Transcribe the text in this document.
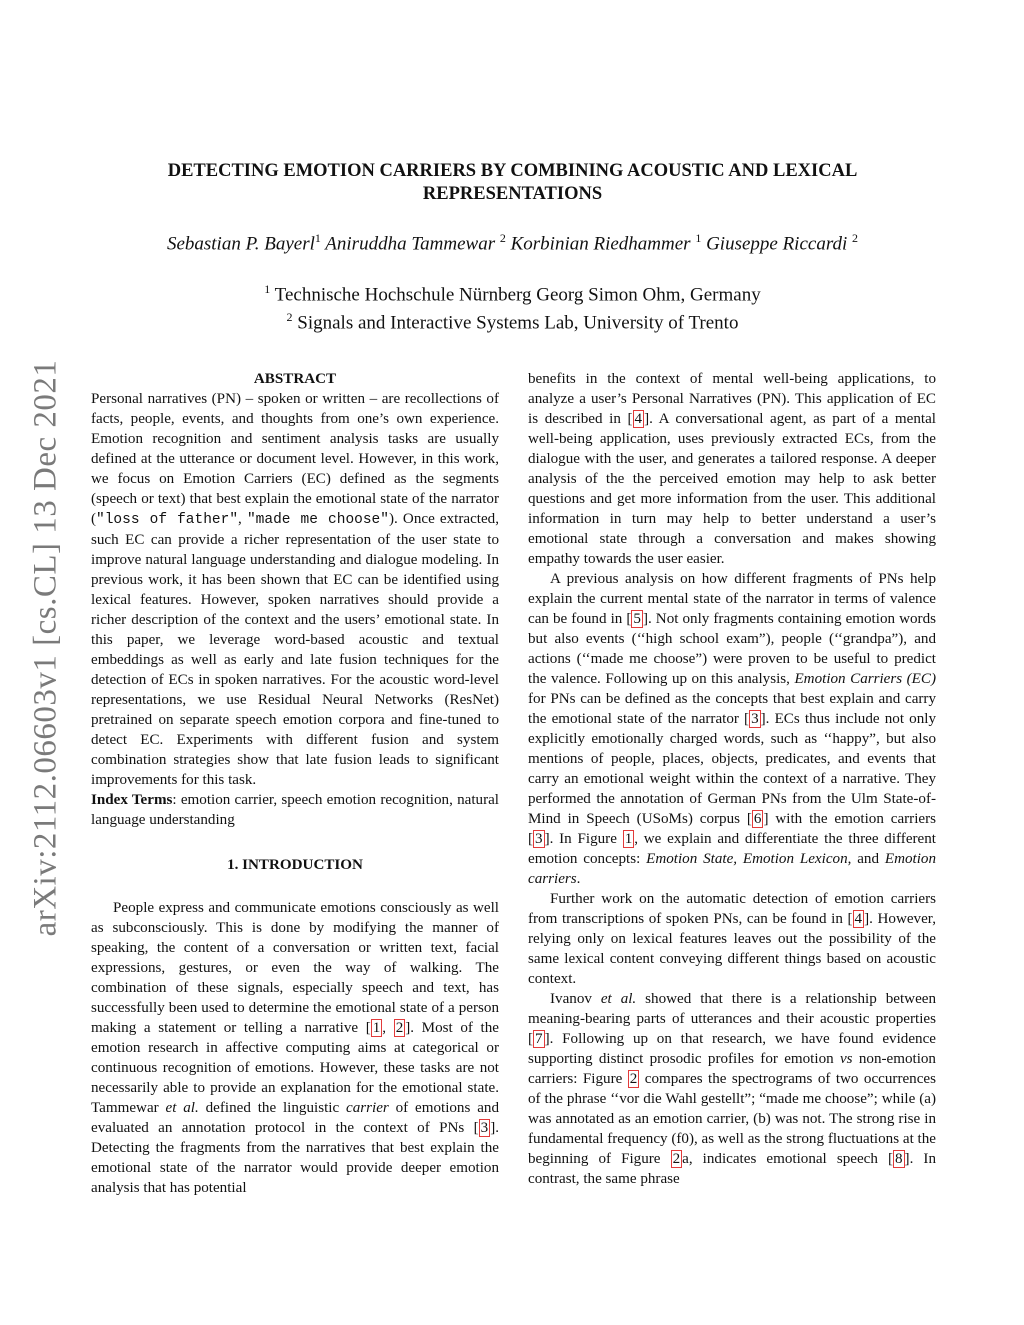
arXiv:2112.06603v1 [cs.CL] 13 Dec 2021
DETECTING EMOTION CARRIERS BY COMBINING ACOUSTIC AND LEXICAL
REPRESENTATIONS
Sebastian P. Bayerl$^1$ Aniruddha Tammewar $^2$ Korbinian Riedhammer $^1$ Giuseppe Riccardi $^2$
$^1$ Technische Hochschule Nürnberg Georg Simon Ohm, Germany
$^2$ Signals and Interactive Systems Lab, University of Trento

ABSTRACT

Personal narratives (PN) – spoken or written – are recollections of facts, people, events, and thoughts from one’s own experience. Emotion recognition and sentiment analysis tasks are usually defined at the utterance or document level. However, in this work, we focus on Emotion Carriers (EC) defined as the segments (speech or text) that best explain the emotional state of the narrator ("loss of father", "made me choose"). Once extracted, such EC can provide a richer representation of the user state to improve natural language understanding and dialogue modeling. In previous work, it has been shown that EC can be identified using lexical features. However, spoken narratives should provide a richer description of the context and the users’ emotional state. In this paper, we leverage word-based acoustic and textual embeddings as well as early and late fusion techniques for the detection of ECs in spoken narratives. For the acoustic word-level representations, we use Residual Neural Networks (ResNet) pretrained on separate speech emotion corpora and fine-tuned to detect EC. Experiments with different fusion and system combination strategies show that late fusion leads to significant improvements for this task.

Index Terms: emotion carrier, speech emotion recognition, natural language understanding

1. INTRODUCTION

People express and communicate emotions consciously as well as subconsciously. This is done by modifying the manner of speaking, the content of a conversation or written text, facial expressions, gestures, or even the way of walking. The combination of these signals, especially speech and text, has successfully been used to determine the emotional state of a person making a statement or telling a narrative [ 1 , 2 ]. Most of the emotion research in affective computing aims at categorical or continuous recognition of emotions. However, these tasks are not necessarily able to provide an explanation for the emotional state. Tammewar et al. defined the linguistic carrier of emotions and evaluated an annotation protocol in the context of PNs [ 3 ]. Detecting the fragments from the narratives that best explain the emotional state of the narrator would provide deeper emotion analysis that has potential

benefits in the context of mental well-being applications, to analyze a user’s Personal Narratives (PN). This application of EC is described in [ 4 ]. A conversational agent, as part of a mental well-being application, uses previously extracted ECs, from the dialogue with the user, and generates a tailored response. A deeper analysis of the the perceived emotion may help to ask better questions and get more information from the user. This additional information in turn may help to better understand a user’s emotional state through a conversation and makes showing empathy towards the user easier.

A previous analysis on how different fragments of PNs help explain the current mental state of the narrator in terms of valence can be found in [ 5 ]. Not only fragments containing emotion words but also events (‘‘high school exam”), people (‘‘grandpa”), and actions (‘‘made me choose”) were proven to be useful to predict the valence. Following up on this analysis, Emotion Carriers (EC) for PNs can be defined as the concepts that best explain and carry the emotional state of the narrator [ 3 ]. ECs thus include not only explicitly emotionally charged words, such as ‘‘happy”, but also mentions of people, places, objects, predicates, and events that carry an emotional weight within the context of a narrative. They performed the annotation of German PNs from the Ulm State-of-Mind in Speech (USoMs) corpus [ 6 ] with the emotion carriers [ 3 ]. In Figure 1 , we explain and differentiate the three different emotion concepts: Emotion State, Emotion Lexicon, and Emotion carriers.

Further work on the automatic detection of emotion carriers from transcriptions of spoken PNs, can be found in [ 4 ]. However, relying only on lexical features leaves out the possibility of the same lexical content conveying different things based on acoustic context.

Ivanov et al. showed that there is a relationship between meaning-bearing parts of utterances and their acoustic properties [ 7 ]. Following up on that research, we have found evidence supporting distinct prosodic profiles for emotion vs non-emotion carriers: Figure 2 compares the spectrograms of two occurrences of the phrase ‘‘vor die Wahl gestellt”; “made me choose”; while (a) was annotated as an emotion carrier, (b) was not. The strong rise in fundamental frequency (f0), as well as the strong fluctuations at the beginning of Figure 2 a, indicates emotional speech [ 8 ]. In contrast, the same phrase
